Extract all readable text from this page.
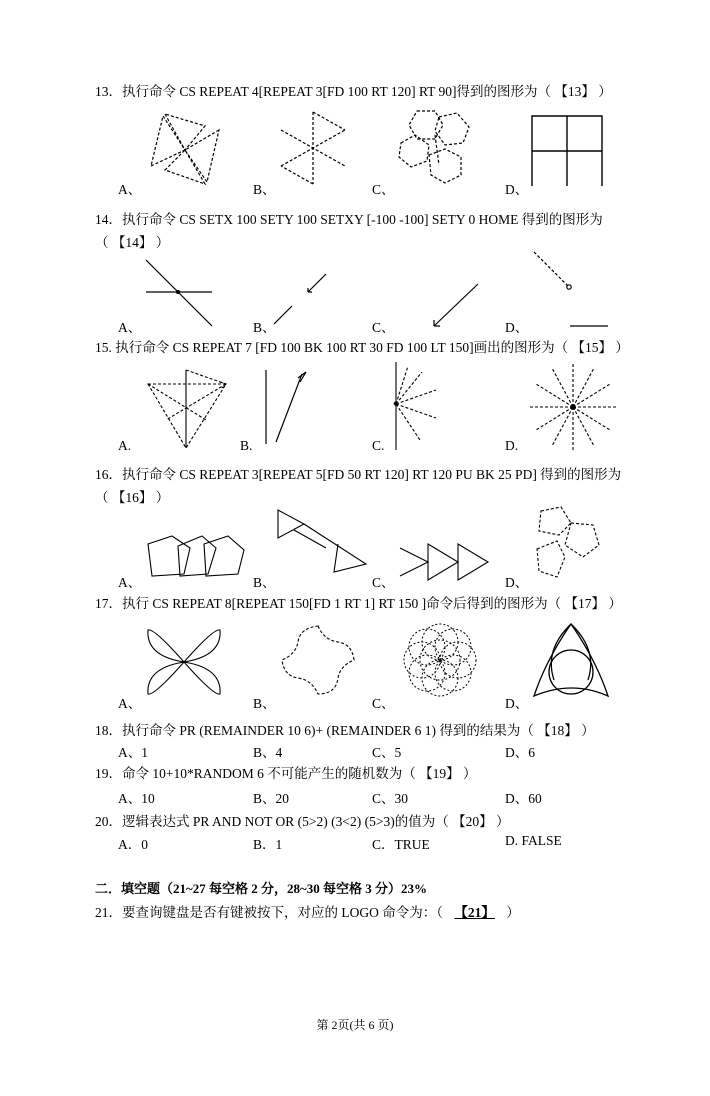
13．执行命令 CS REPEAT 4[REPEAT 3[FD 100 RT 120] RT 90]得到的图形为（ 【13】 ）
A、	B、	C、	D、
14．执行命令 CS SETX 100 SETY 100 SETXY [-100 -100] SETY 0 HOME 得到的图形为
（ 【14】 ）
A、	B、	C、	D、
15. 执行命令 CS REPEAT 7 [FD 100 BK 100 RT 30 FD 100 LT 150]画出的图形为（ 【15】 ）
A.	B.	C.	D.
16．执行命令 CS REPEAT 3[REPEAT 5[FD 50 RT 120] RT 120 PU BK 25 PD] 得到的图形为
（ 【16】 ）
A、	B、	C、	D、
17．执行 CS REPEAT 8[REPEAT 150[FD 1 RT 1] RT 150 ]命令后得到的图形为（ 【17】 ）
A、	B、	C、	D、
18．执行命令 PR (REMAINDER 10 6)+ (REMAINDER 6 1) 得到的结果为（ 【18】 ）
A、1	B、4	C、5	D、6
19．命令 10+10*RANDOM 6 不可能产生的随机数为（ 【19】 ）
A、10	B、20	C、30	D、60
20．逻辑表达式 PR AND NOT OR (5>2) (3<2) (5>3)的值为（ 【20】 ）
A．0	B．1	C．TRUE	D. FALSE
二．填空题（21~27 每空格 2 分，28~30 每空格 3 分）23%
21．要查询键盘是否有键被按下，对应的 LOGO 命令为：（ 【21】 ）
第 2页(共 6 页)
